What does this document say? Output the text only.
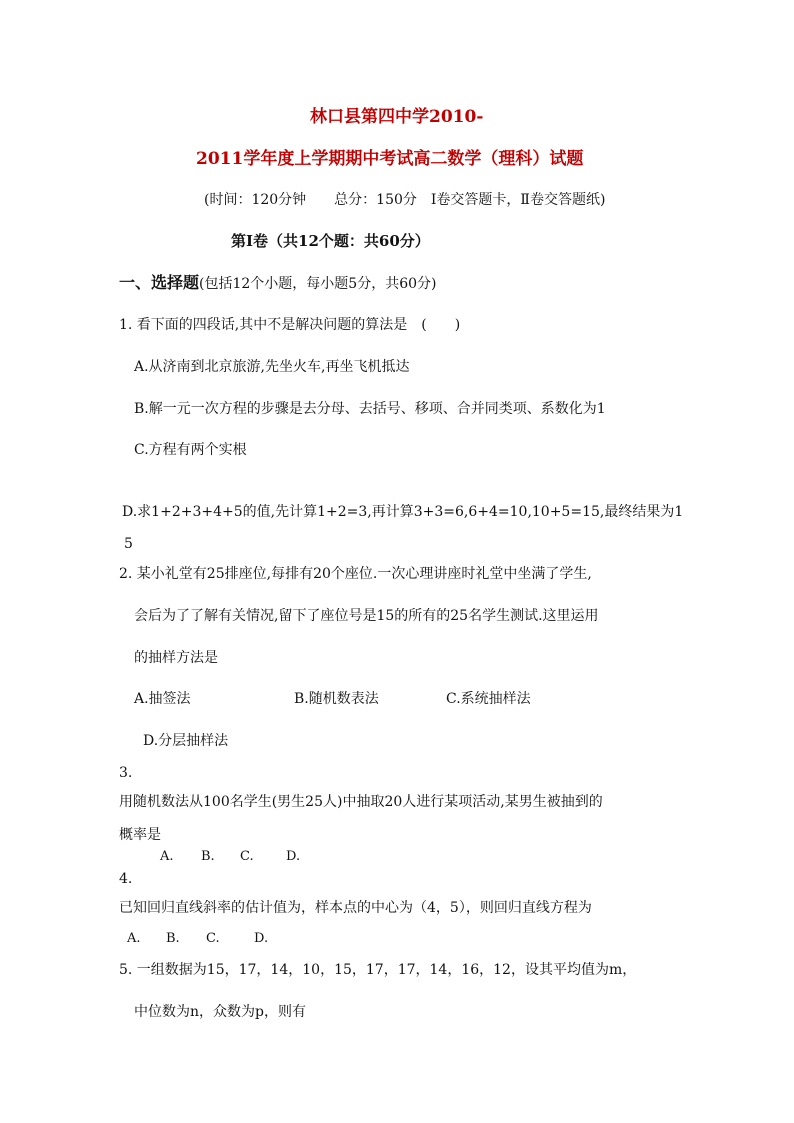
林口县第四中学2010-
2011学年度上学期期中考试高二数学（理科）试题
(时间：120分钟　　总分：150分　Ⅰ卷交答题卡，Ⅱ卷交答题纸)
第Ⅰ卷（共12个题：共60分）
一、选择题(包括12个小题，每小题5分，共60分)
1. 看下面的四段话,其中不是解决问题的算法是　(　　)
A.从济南到北京旅游,先坐火车,再坐飞机抵达
B.解一元一次方程的步骤是去分母、去括号、移项、合并同类项、系数化为1
C.方程有两个实根
D.求1+2+3+4+5的值,先计算1+2=3,再计算3+3=6,6+4=10,10+5=15,最终结果为1
5
2. 某小礼堂有25排座位,每排有20个座位.一次心理讲座时礼堂中坐满了学生,
会后为了了解有关情况,留下了座位号是15的所有的25名学生测试.这里运用
的抽样方法是
A.抽签法	B.随机数表法	C.系统抽样法
D.分层抽样法
3.
用随机数法从100名学生(男生25人)中抽取20人进行某项活动,某男生被抽到的
概率是
A. B. C. D.
4.
已知回归直线斜率的估计值为，样本点的中心为（4，5），则回归直线方程为
A. B. C.	D.
5. 一组数据为15，17，14，10，15，17，17，14，16，12，设其平均值为m，
中位数为n，众数为p，则有
